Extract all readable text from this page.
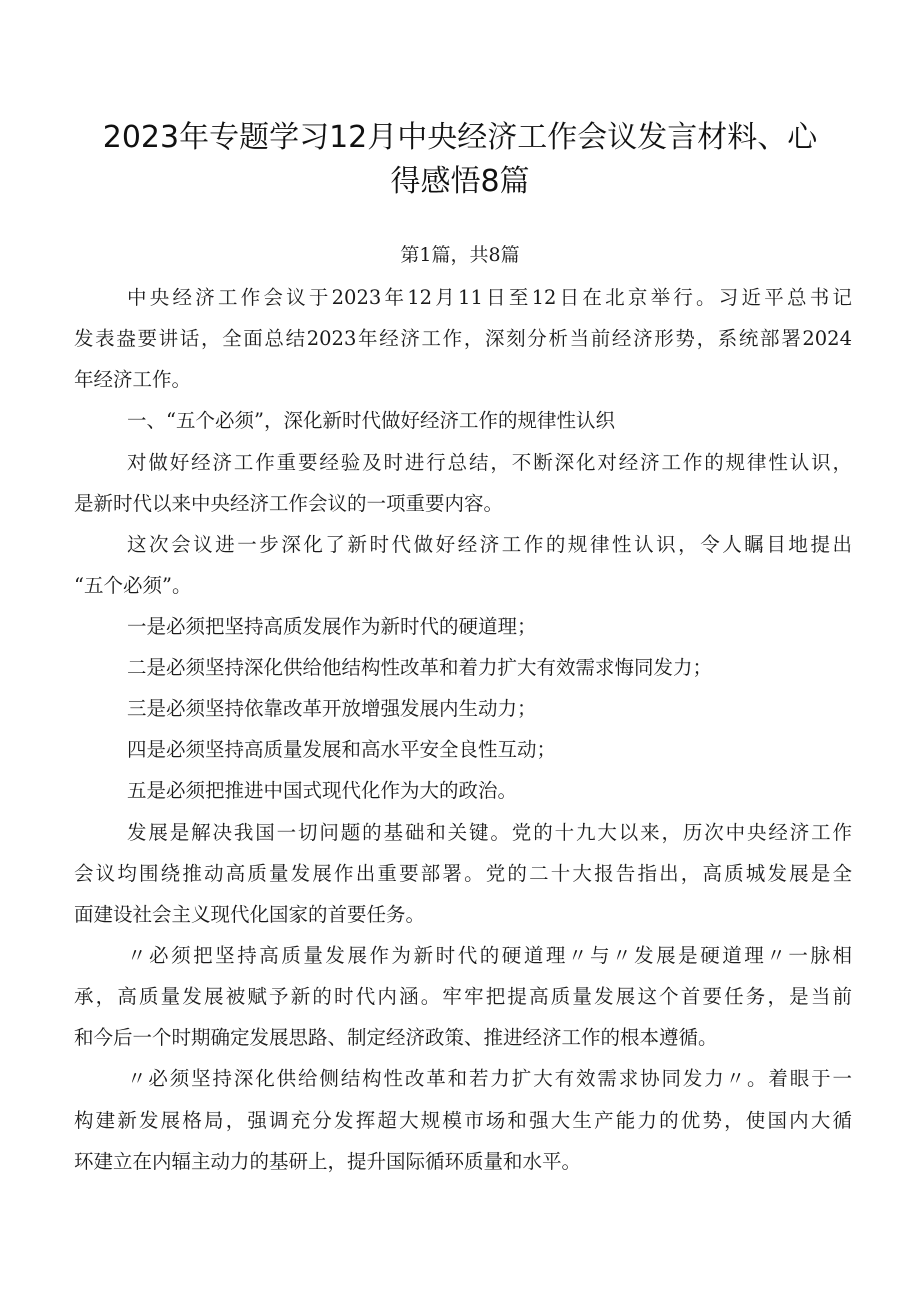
2023年专题学习12月中央经济工作会议发言材料、心
得感悟8篇
第1篇，共8篇
中央经济工作会议于2023年12月11日至12日在北京举行。习近平总书记
发表盎要讲话，全面总结2023年经济工作，深刻分析当前经济形势，系统部署2024
年经济工作。
一、“五个必须”，深化新时代做好经济工作的规律性认织
对做好经济工作重要经验及时进行总结，不断深化对经济工作的规律性认识，
是新时代以来中央经济工作会议的一项重要内容。
这次会议进一步深化了新时代做好经济工作的规律性认识，令人瞩目地提出
“五个必须”。
一是必须把坚持高质发展作为新时代的硬道理；
二是必须坚持深化供给他结构性改革和着力扩大有效需求悔同发力；
三是必须坚持依靠改革开放增强发展内生动力；
四是必须坚持高质量发展和高水平安全良性互动；
五是必须把推进中国式现代化作为大的政治。
发展是解决我国一切问题的基础和关键。党的十九大以来，历次中央经济工作
会议均围绕推动高质量发展作出重要部署。党的二十大报告指出，高质城发展是全
面建设社会主义现代化国家的首要任务。
〃必须把坚持高质量发展作为新时代的硬道理〃与〃发展是硬道理〃一脉相
承，高质量发展被赋予新的时代内涵。牢牢把提高质量发展这个首要任务，是当前
和今后一个时期确定发展思路、制定经济政策、推进经济工作的根本遵循。
〃必须坚持深化供给侧结构性改革和若力扩大有效需求协同发力〃。着眼于一
构建新发展格局，强调充分发挥超大规模市场和强大生产能力的优势，使国内大循
环建立在内辐主动力的基研上，提升国际循环质量和水平。
